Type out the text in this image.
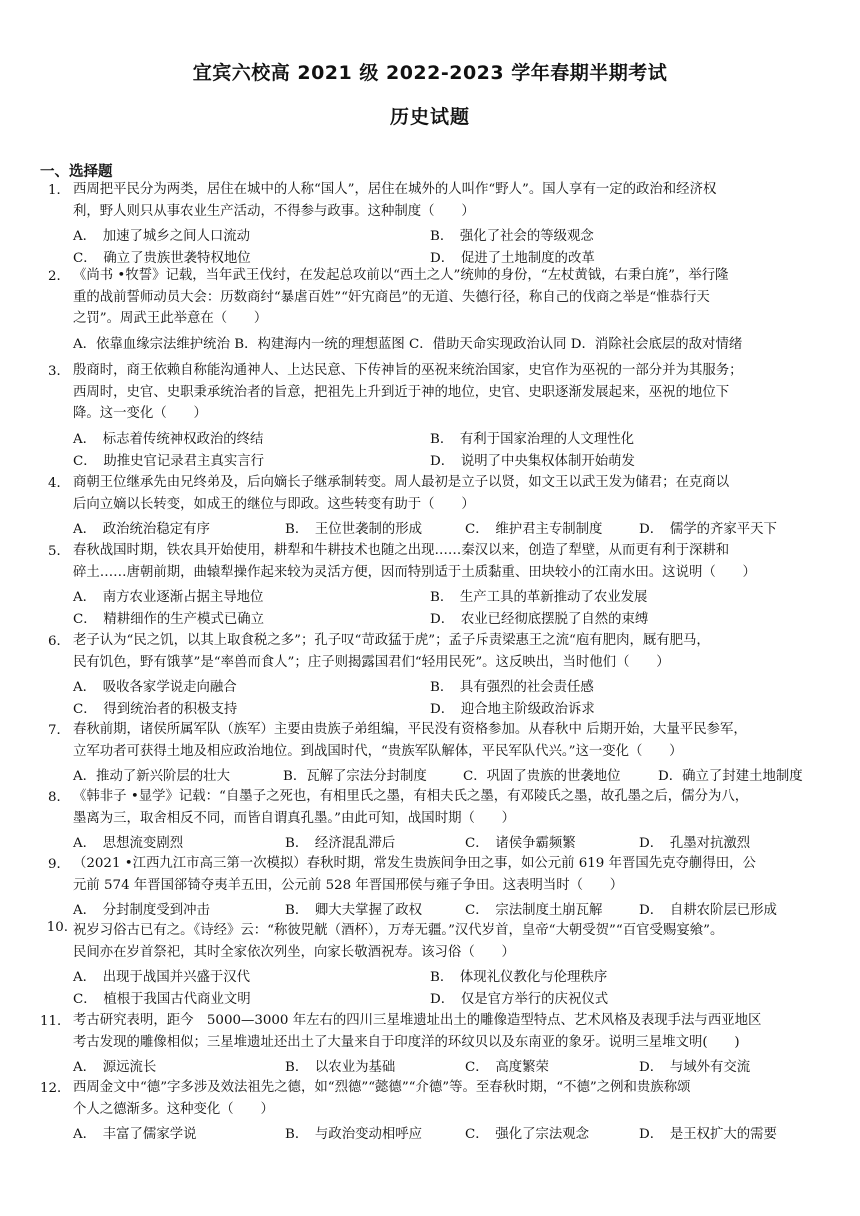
宜宾六校高 2021 级 2022-2023 学年春期半期考试
历史试题
一、选择题
1． 西周把平民分为两类，居住在城中的人称“国人”，居住在城外的人叫作“野人”。国人享有一定的政治和经济权
利，野人则只从事农业生产活动，不得参与政事。这种制度（　　）
A．　加速了城乡之间人口流动	B．　强化了社会的等级观念
C．　确立了贵族世袭特权地位	D．　促进了土地制度的改革
2． 《尚书 •牧誓》记载，当年武王伐纣，在发起总攻前以“西土之人”统帅的身份，“左杖黄钺，右秉白旄”，举行隆
重的战前誓师动员大会：历数商纣“暴虐百姓”“奸宄商邑”的无道、失德行径，称自己的伐商之举是“惟恭行天
之罚”。周武王此举意在（　　）
A．依靠血缘宗法维护统治 B．构建海内一统的理想蓝图 C．借助天命实现政治认同 D．消除社会底层的敌对情绪
3． 殷商时，商王依赖自称能沟通神人、上达民意、下传神旨的巫祝来统治国家，史官作为巫祝的一部分并为其服务；
西周时，史官、史职秉承统治者的旨意，把祖先上升到近于神的地位，史官、史职逐渐发展起来，巫祝的地位下
降。这一变化（　　）
A．　标志着传统神权政治的终结	B．　有利于国家治理的人文理性化
C．　助推史官记录君主真实言行	D．　说明了中央集权体制开始萌发
4． 商朝王位继承先由兄终弟及，后向嫡长子继承制转变。周人最初是立子以贤，如文王以武王发为储君；在克商以
后向立嫡以长转变，如成王的继位与即政。这些转变有助于（　　）
A．　政治统治稳定有序	B．　王位世袭制的形成	C．　维护君主专制制度	D．　儒学的齐家平天下
5． 春秋战国时期，铁农具开始使用，耕犁和牛耕技术也随之出现……秦汉以来，创造了犁壁，从而更有利于深耕和
碎土……唐朝前期，曲辕犁操作起来较为灵活方便，因而特别适于土质黏重、田块较小的江南水田。这说明（　　）
A．　南方农业逐渐占据主导地位	B．　生产工具的革新推动了农业发展
C．　精耕细作的生产模式已确立	D．　农业已经彻底摆脱了自然的束缚
6． 老子认为“民之饥，以其上取食税之多”；孔子叹“苛政猛于虎”；孟子斥责梁惠王之流“庖有肥肉，厩有肥马，
民有饥色，野有饿莩”是“率兽而食人”；庄子则揭露国君们“轻用民死”。这反映出，当时他们（　　）
A．　吸收各家学说走向融合	B．　具有强烈的社会责任感
C．　得到统治者的积极支持	D．　迎合地主阶级政治诉求
7． 春秋前期，诸侯所属军队（族军）主要由贵族子弟组编，平民没有资格参加。从春秋中 后期开始，大量平民参军，
立军功者可获得土地及相应政治地位。到战国时代，“贵族军队解体，平民军队代兴。”这一变化（　　）
A．推动了新兴阶层的壮大	B．瓦解了宗法分封制度	C．巩固了贵族的世袭地位	D．确立了封建土地制度
8． 《韩非子 •显学》记载：“自墨子之死也，有相里氏之墨，有相夫氏之墨，有邓陵氏之墨，故孔墨之后，儒分为八，
墨离为三，取舍相反不同，而皆自谓真孔墨。”由此可知，战国时期（　　）
A．　思想流变剧烈	B．　经济混乱滞后	C．　诸侯争霸频繁	D．　孔墨对抗激烈
9． （2021 •江西九江市高三第一次模拟）春秋时期，常发生贵族间争田之事，如公元前 619 年晋国先克夺蒯得田，公
元前 574 年晋国郤锜夺夷羊五田，公元前 528 年晋国邢侯与雍子争田。这表明当时（　　）
A．　分封制度受到冲击	B．　卿大夫掌握了政权	C．　宗法制度土崩瓦解	D．　自耕农阶层已形成
10. 祝岁习俗古已有之。《诗经》云：“称彼兕觥（酒杯），万寿无疆。”汉代岁首，皇帝“大朝受贺”“百官受赐宴飨”。
民间亦在岁首祭祀，其时全家依次列坐，向家长敬酒祝寿。该习俗（　　）
A．　出现于战国并兴盛于汉代	B．　体现礼仪教化与伦理秩序
C．　植根于我国古代商业文明	D．　仅是官方举行的庆祝仪式
11． 考古研究表明，距今　5000—3000 年左右的四川三星堆遗址出土的雕像造型特点、艺术风格及表现手法与西亚地区
考古发现的雕像相似；三星堆遗址还出土了大量来自于印度洋的环纹贝以及东南亚的象牙。说明三星堆文明(　　)
A．　源远流长	B．　以农业为基础	C．　高度繁荣	D．　与域外有交流
12． 西周金文中“德”字多涉及效法祖先之德，如“烈德”“懿德”“介德”等。至春秋时期，“不德”之例和贵族称颂
个人之德渐多。这种变化（　　）
A．　丰富了儒家学说	B．　与政治变动相呼应	C．　强化了宗法观念	D．　是王权扩大的需要
